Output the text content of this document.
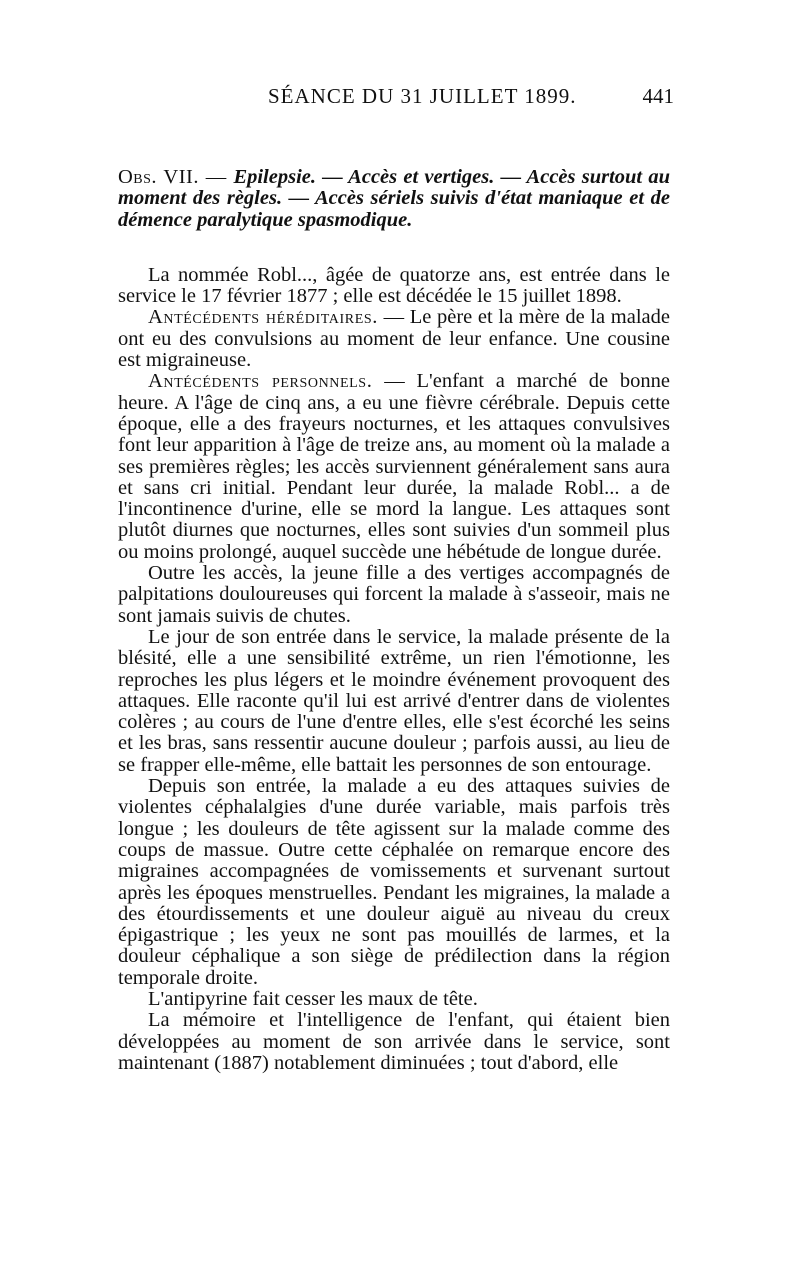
SÉANCE DU 31 JUILLET 1899.	441

Obs. VII. — Epilepsie. — Accès et vertiges. — Accès surtout au moment des règles. — Accès sériels suivis d'état maniaque et de démence paralytique spasmodique.

La nommée Robl..., âgée de quatorze ans, est entrée dans le service le 17 février 1877 ; elle est décédée le 15 juillet 1898.

Antécédents héréditaires. — Le père et la mère de la malade ont eu des convulsions au moment de leur enfance. Une cousine est migraineuse.

Antécédents personnels. — L'enfant a marché de bonne heure. A l'âge de cinq ans, a eu une fièvre cérébrale. Depuis cette époque, elle a des frayeurs nocturnes, et les attaques convulsives font leur apparition à l'âge de treize ans, au moment où la malade a ses premières règles; les accès surviennent généralement sans aura et sans cri initial. Pendant leur durée, la malade Robl... a de l'incontinence d'urine, elle se mord la langue. Les attaques sont plutôt diurnes que nocturnes, elles sont suivies d'un sommeil plus ou moins prolongé, auquel succède une hébétude de longue durée.

Outre les accès, la jeune fille a des vertiges accompagnés de palpitations douloureuses qui forcent la malade à s'asseoir, mais ne sont jamais suivis de chutes.

Le jour de son entrée dans le service, la malade présente de la blésité, elle a une sensibilité extrême, un rien l'émotionne, les reproches les plus légers et le moindre événement provoquent des attaques. Elle raconte qu'il lui est arrivé d'entrer dans de violentes colères ; au cours de l'une d'entre elles, elle s'est écorché les seins et les bras, sans ressentir aucune douleur ; parfois aussi, au lieu de se frapper elle-même, elle battait les personnes de son entourage.

Depuis son entrée, la malade a eu des attaques suivies de violentes céphalalgies d'une durée variable, mais parfois très longue ; les douleurs de tête agissent sur la malade comme des coups de massue. Outre cette céphalée on remarque encore des migraines accompagnées de vomissements et survenant surtout après les époques menstruelles. Pendant les migraines, la malade a des étourdissements et une douleur aiguë au niveau du creux épigastrique ; les yeux ne sont pas mouillés de larmes, et la douleur céphalique a son siège de prédilection dans la région temporale droite.

L'antipyrine fait cesser les maux de tête.

La mémoire et l'intelligence de l'enfant, qui étaient bien développées au moment de son arrivée dans le service, sont maintenant (1887) notablement diminuées ; tout d'abord, elle
